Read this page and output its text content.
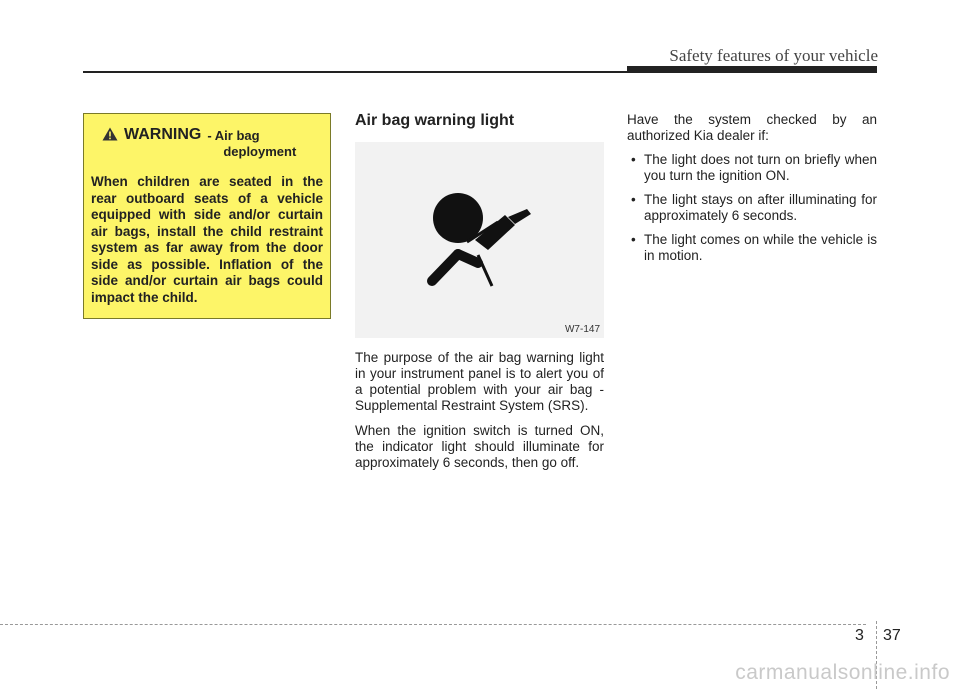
Safety features of your vehicle
WARNING - Air bag
deployment
When children are seated in the rear outboard seats of a vehicle equipped with side and/or curtain air bags, install the child restraint system as far away from the door side as possible. Inflation of the side and/or curtain air bags could impact the child.
Air bag warning light
W7-147

The purpose of the air bag warning light in your instrument panel is to alert you of a potential problem with your air bag - Supplemental Restraint System (SRS).

When the ignition switch is turned ON, the indicator light should illuminate for approximately 6 seconds, then go off.

Have the system checked by an authorized Kia dealer if:

• The light does not turn on briefly when you turn the ignition ON.
• The light stays on after illuminating for approximately 6 seconds.
• The light comes on while the vehicle is in motion.
3 37
carmanualsonline.info
